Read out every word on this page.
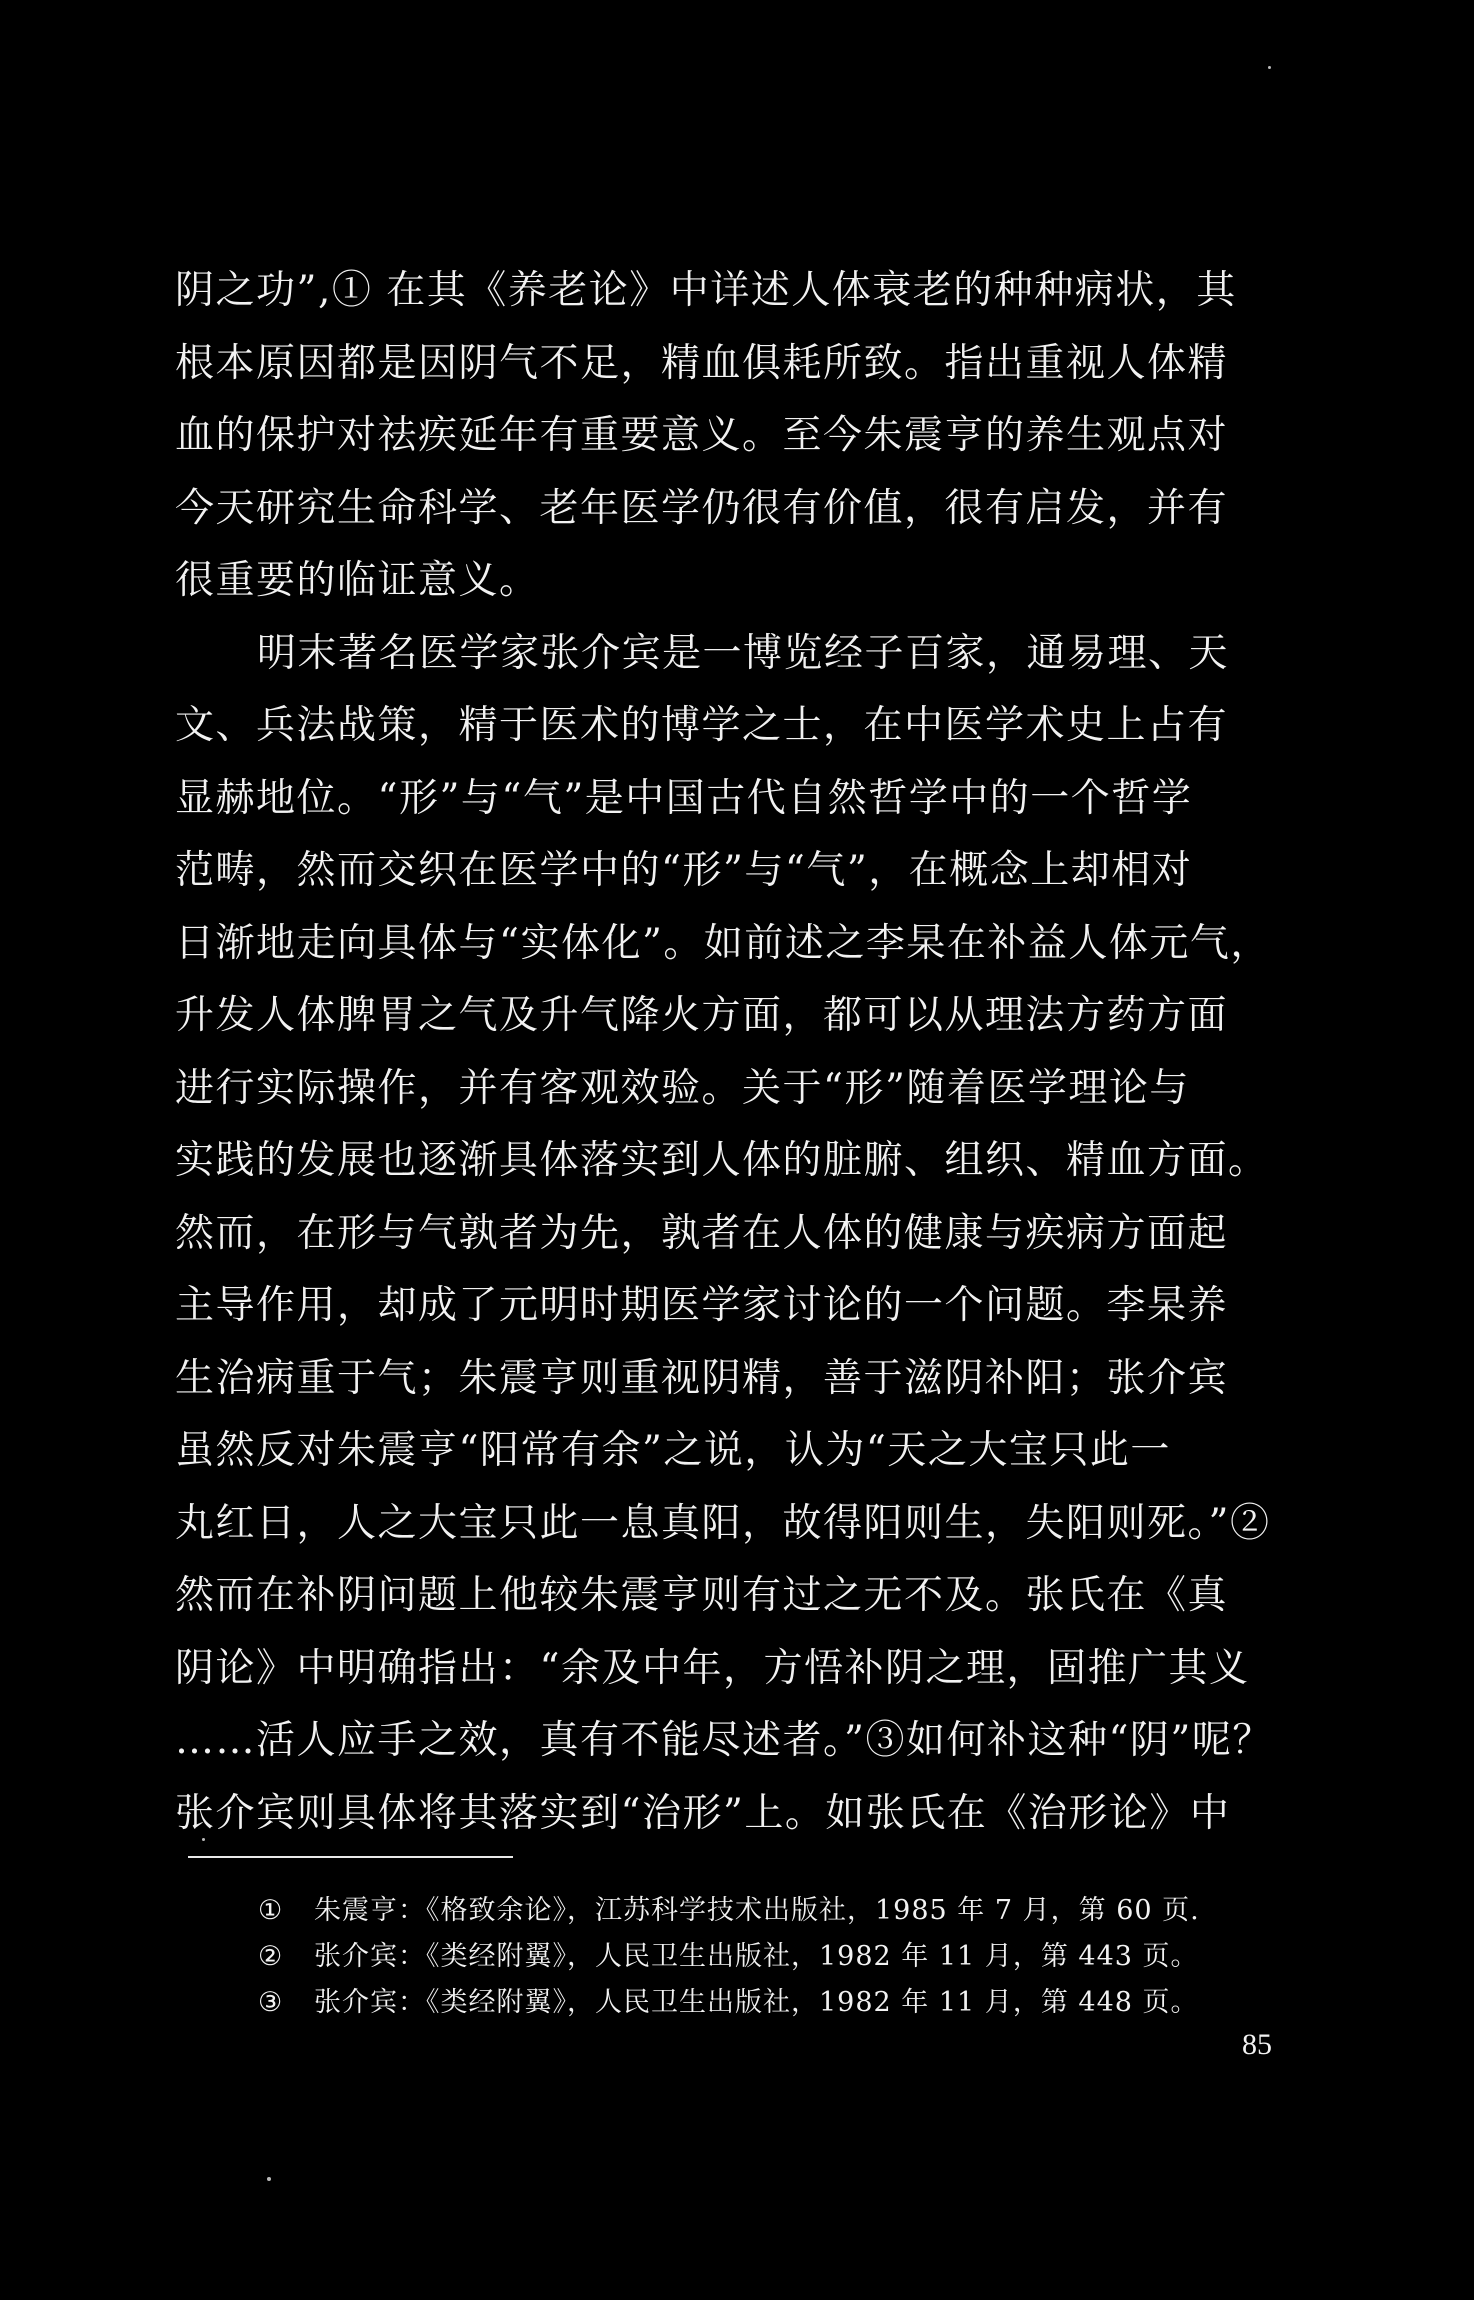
阴之功”,① 在其《养老论》中详述人体衰老的种种病状，其
根本原因都是因阴气不足，精血俱耗所致。指出重视人体精
血的保护对祛疾延年有重要意义。至今朱震亨的养生观点对
今天研究生命科学、老年医学仍很有价值，很有启发，并有
很重要的临证意义。
明末著名医学家张介宾是一博览经子百家，通易理、天
文、兵法战策，精于医术的博学之士，在中医学术史上占有
显赫地位。“形”与“气”是中国古代自然哲学中的一个哲学
范畴，然而交织在医学中的“形”与“气”，在概念上却相对
日渐地走向具体与“实体化”。如前述之李杲在补益人体元气，
升发人体脾胃之气及升气降火方面，都可以从理法方药方面
进行实际操作，并有客观效验。关于“形”随着医学理论与
实践的发展也逐渐具体落实到人体的脏腑、组织、精血方面。
然而，在形与气孰者为先，孰者在人体的健康与疾病方面起
主导作用，却成了元明时期医学家讨论的一个问题。李杲养
生治病重于气；朱震亨则重视阴精，善于滋阴补阳；张介宾
虽然反对朱震亨“阳常有余”之说，认为“天之大宝只此一
丸红日，人之大宝只此一息真阳，故得阳则生，失阳则死。”②
然而在补阴问题上他较朱震亨则有过之无不及。张氏在《真
阴论》中明确指出：“余及中年，方悟补阴之理，固推广其义
……活人应手之效，真有不能尽述者。”③如何补这种“阴”呢？
张介宾则具体将其落实到“治形”上。如张氏在《治形论》中
① 朱震亨：《格致余论》，江苏科学技术出版社，1985 年 7 月，第 60 页.
② 张介宾：《类经附翼》，人民卫生出版社，1982 年 11 月，第 443 页。
③ 张介宾：《类经附翼》，人民卫生出版社，1982 年 11 月，第 448 页。
85
